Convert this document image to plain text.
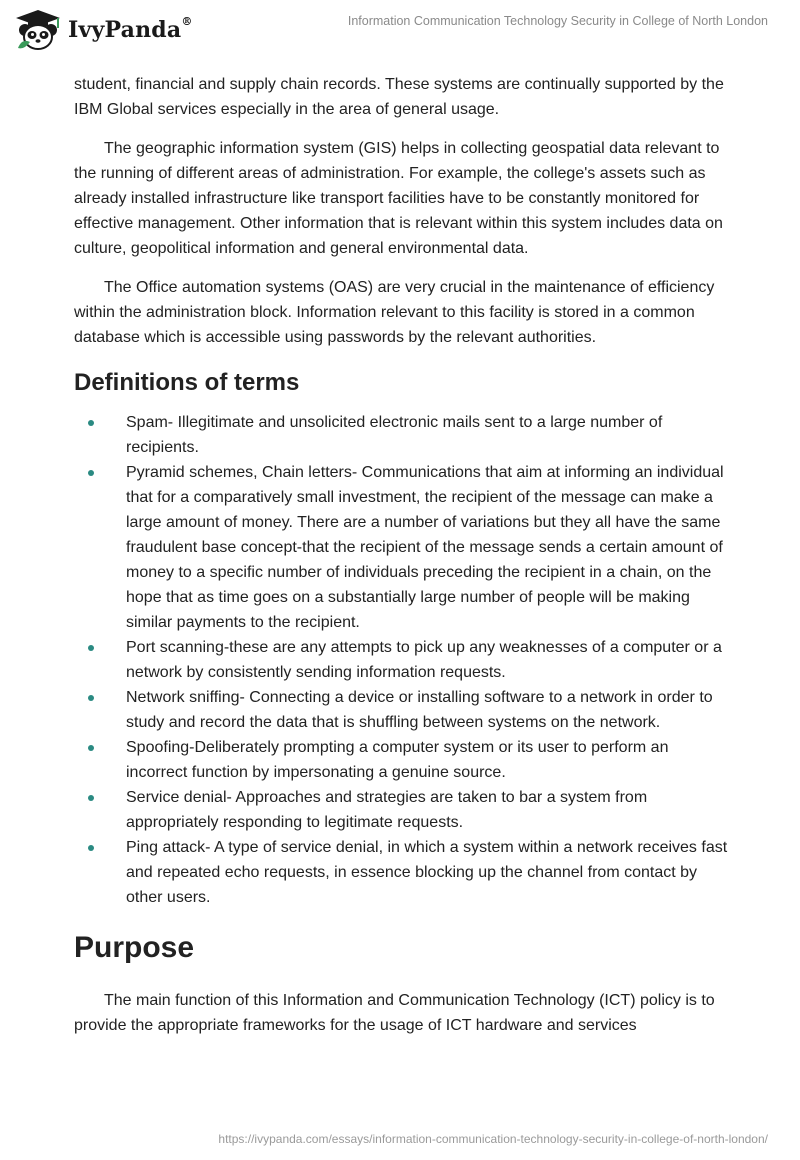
IvyPanda®	Information Communication Technology Security in College of North London

student, financial and supply chain records. These systems are continually supported by the IBM Global services especially in the area of general usage.

The geographic information system (GIS) helps in collecting geospatial data relevant to the running of different areas of administration. For example, the college's assets such as already installed infrastructure like transport facilities have to be constantly monitored for effective management. Other information that is relevant within this system includes data on culture, geopolitical information and general environmental data.

The Office automation systems (OAS) are very crucial in the maintenance of efficiency within the administration block. Information relevant to this facility is stored in a common database which is accessible using passwords by the relevant authorities.

Definitions of terms
Spam- Illegitimate and unsolicited electronic mails sent to a large number of recipients.
Pyramid schemes, Chain letters- Communications that aim at informing an individual that for a comparatively small investment, the recipient of the message can make a large amount of money. There are a number of variations but they all have the same fraudulent base concept-that the recipient of the message sends a certain amount of money to a specific number of individuals preceding the recipient in a chain, on the hope that as time goes on a substantially large number of people will be making similar payments to the recipient.
Port scanning-these are any attempts to pick up any weaknesses of a computer or a network by consistently sending information requests.
Network sniffing- Connecting a device or installing software to a network in order to study and record the data that is shuffling between systems on the network.
Spoofing-Deliberately prompting a computer system or its user to perform an incorrect function by impersonating a genuine source.
Service denial- Approaches and strategies are taken to bar a system from appropriately responding to legitimate requests.
Ping attack- A type of service denial, in which a system within a network receives fast and repeated echo requests, in essence blocking up the channel from contact by other users.
Purpose

The main function of this Information and Communication Technology (ICT) policy is to provide the appropriate frameworks for the usage of ICT hardware and services

https://ivypanda.com/essays/information-communication-technology-security-in-college-of-north-london/
